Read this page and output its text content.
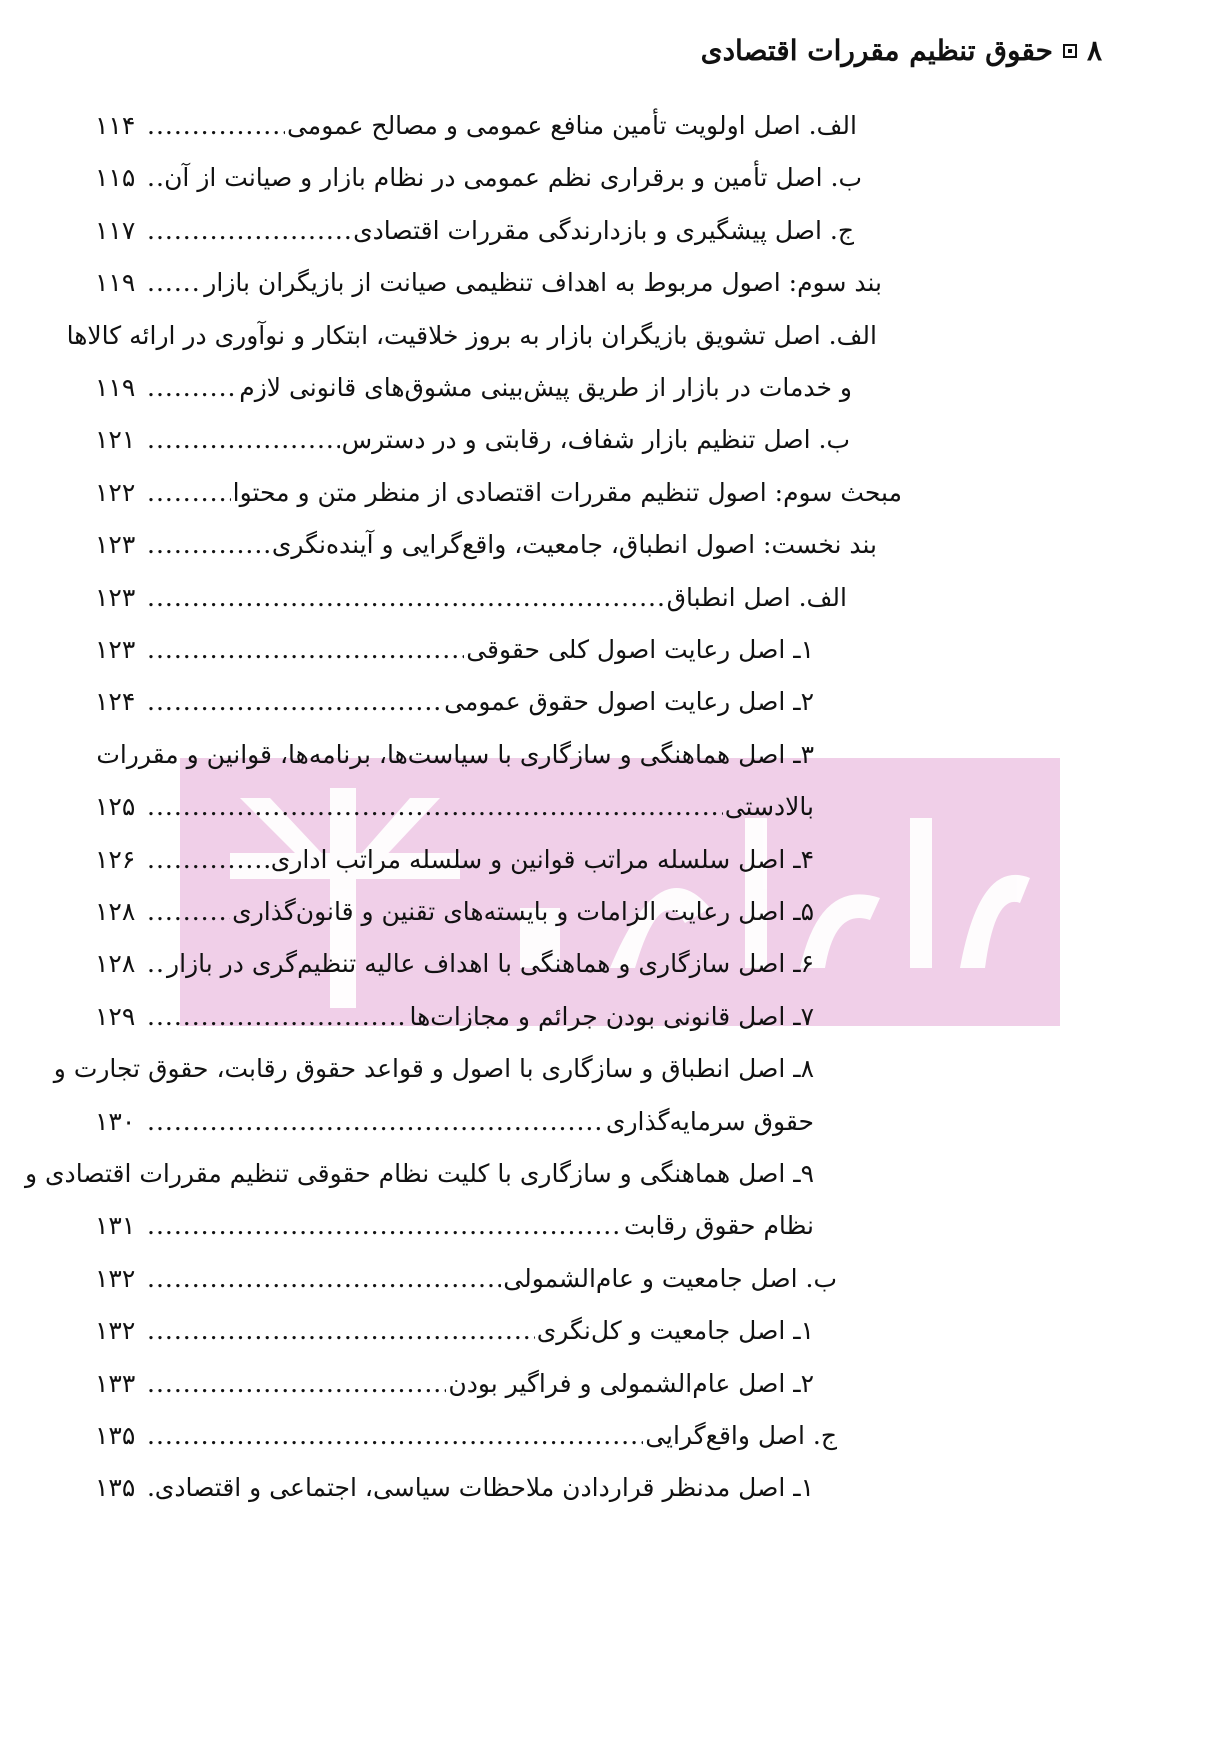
۸
حقوق تنظیم مقررات اقتصادی
الف. اصل اولویت تأمین منافع عمومی و مصالح عمومی
.....
۱۱۴
ب. اصل تأمین و برقراری نظم عمومی در نظام بازار و صیانت از آن
.....
۱۱۵
ج. اصل پیشگیری و بازدارندگی مقررات اقتصادی
.....
۱۱۷
بند سوم: اصول مربوط به اهداف تنظیمی صیانت از بازیگران بازار
.....
۱۱۹
الف. اصل تشویق بازیگران بازار به بروز خلاقیت، ابتکار و نوآوری در ارائه کالاها
و خدمات در بازار از طریق پیش‌بینی مشوق‌های قانونی لازم
.....
۱۱۹
ب. اصل تنظیم بازار شفاف، رقابتی و در دسترس
.....
۱۲۱
مبحث سوم: اصول تنظیم مقررات اقتصادی از منظر متن و محتوا
.....
۱۲۲
بند نخست: اصول انطباق، جامعیت، واقع‌گرایی و آینده‌نگری
.....
۱۲۳
الف. اصل انطباق
.....
۱۲۳
۱ـ اصل رعایت اصول کلی حقوقی
.....
۱۲۳
۲ـ اصل رعایت اصول حقوق عمومی
.....
۱۲۴
۳ـ اصل هماهنگی و سازگاری با سیاست‌ها، برنامه‌ها، قوانین و مقررات
بالادستی
.....
۱۲۵
۴ـ اصل سلسله مراتب قوانین و سلسله مراتب اداری
.....
۱۲۶
۵ـ اصل رعایت الزامات و بایسته‌های تقنین و قانون‌گذاری
.....
۱۲۸
۶ـ اصل سازگاری و هماهنگی با اهداف عالیه تنظیم‌گری در بازار
.....
۱۲۸
۷ـ اصل قانونی بودن جرائم و مجازات‌ها
.....
۱۲۹
۸ـ اصل انطباق و سازگاری با اصول و قواعد حقوق رقابت، حقوق تجارت و
حقوق سرمایه‌گذاری
.....
۱۳۰
۹ـ اصل هماهنگی و سازگاری با کلیت نظام حقوقی تنظیم مقررات اقتصادی و
نظام حقوق رقابت
.....
۱۳۱
ب. اصل جامعیت و عام‌الشمولی
.....
۱۳۲
۱ـ اصل جامعیت و کل‌نگری
.....
۱۳۲
۲ـ اصل عام‌الشمولی و فراگیر بودن
.....
۱۳۳
ج. اصل واقع‌گرایی
.....
۱۳۵
۱ـ اصل مدنظر قراردادن ملاحظات سیاسی، اجتماعی و اقتصادی
.....
۱۳۵
